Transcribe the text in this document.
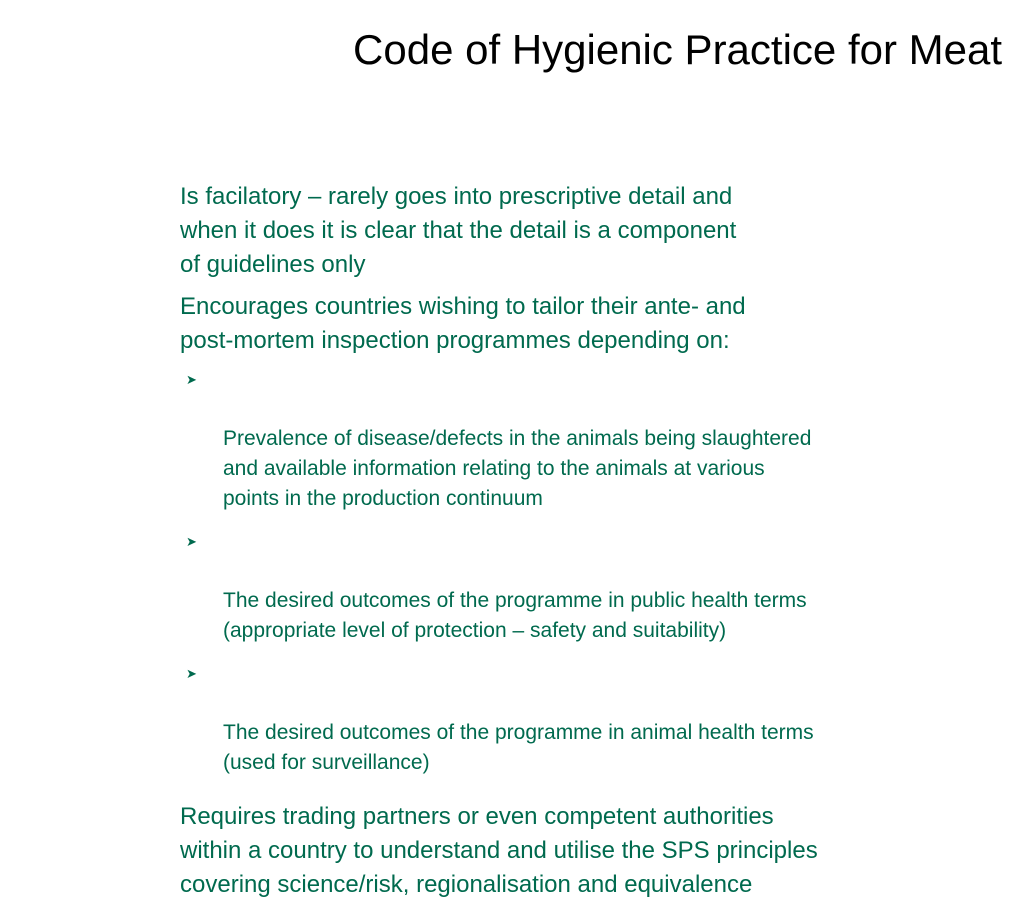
Code of Hygienic Practice for Meat

Is facilatory – rarely goes into prescriptive detail and
when it does it is clear that the detail is a component
of guidelines only

Encourages countries wishing to tailor their ante- and
post-mortem inspection programmes depending on:

➤

Prevalence of disease/defects in the animals being slaughtered
and available information relating to the animals at various
points in the production continuum

➤

The desired outcomes of the programme in public health terms
(appropriate level of protection – safety and suitability)

➤

The desired outcomes of the programme in animal health terms
(used for surveillance)

Requires trading partners or even competent authorities
within a country to understand and utilise the SPS principles
covering science/risk, regionalisation and equivalence
